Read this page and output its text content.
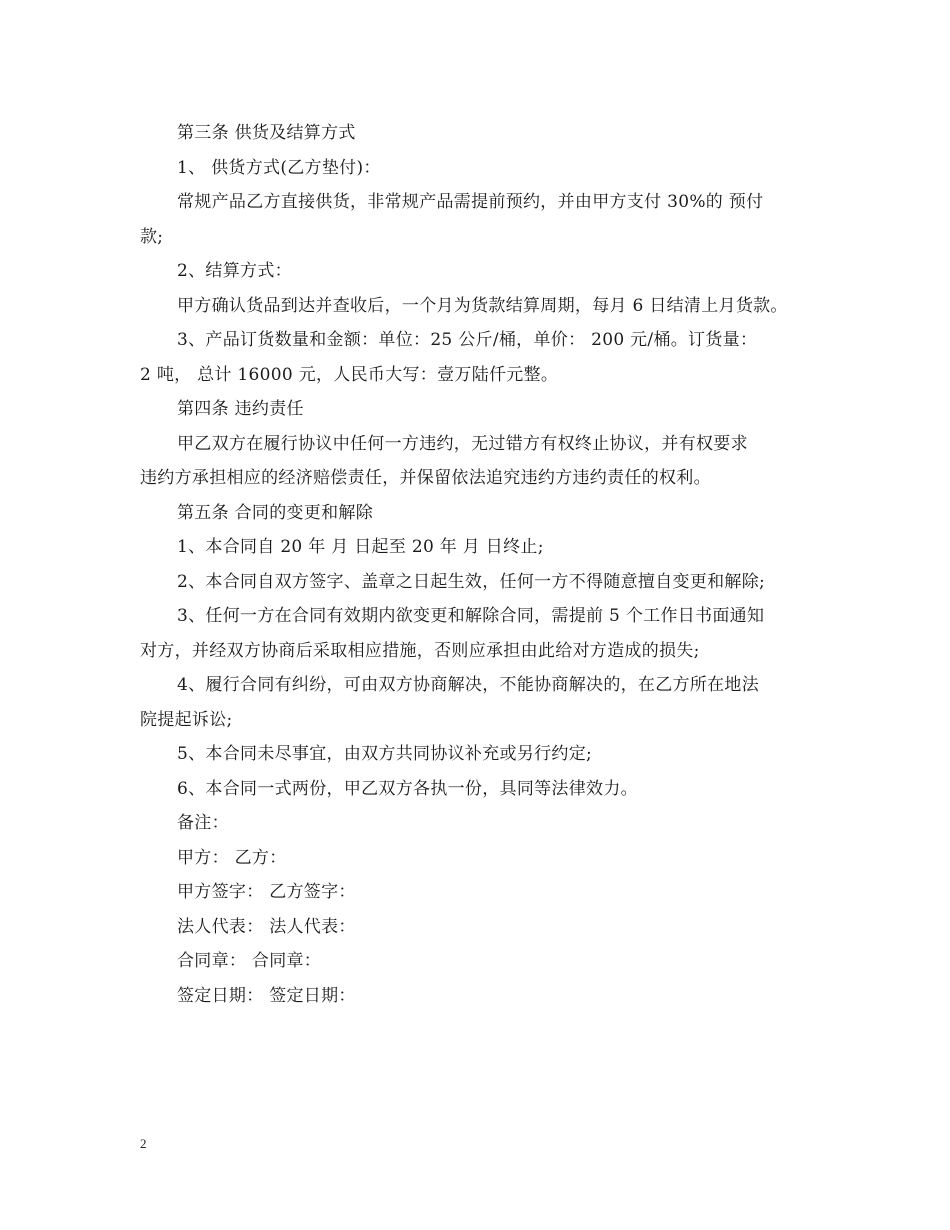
第三条 供货及结算方式
1、 供货方式(乙方垫付)：
常规产品乙方直接供货，非常规产品需提前预约，并由甲方支付 30%的 预付
款;
2、结算方式：
甲方确认货品到达并查收后，一个月为货款结算周期，每月 6 日结清上月货款。
3、产品订货数量和金额：单位：25 公斤/桶，单价： 200 元/桶。订货量：
2 吨， 总计 16000 元，人民币大写：壹万陆仟元整。
第四条 违约责任
甲乙双方在履行协议中任何一方违约，无过错方有权终止协议，并有权要求
违约方承担相应的经济赔偿责任，并保留依法追究违约方违约责任的权利。
第五条 合同的变更和解除
1、本合同自 20 年 月 日起至 20 年 月 日终止;
2、本合同自双方签字、盖章之日起生效，任何一方不得随意擅自变更和解除;
3、任何一方在合同有效期内欲变更和解除合同，需提前 5 个工作日书面通知
对方，并经双方协商后采取相应措施，否则应承担由此给对方造成的损失;
4、履行合同有纠纷，可由双方协商解决，不能协商解决的，在乙方所在地法
院提起诉讼;
5、本合同未尽事宜，由双方共同协议补充或另行约定;
6、本合同一式两份，甲乙双方各执一份，具同等法律效力。
备注：
甲方： 乙方：
甲方签字： 乙方签字：
法人代表： 法人代表：
合同章： 合同章：
签定日期： 签定日期：
2
